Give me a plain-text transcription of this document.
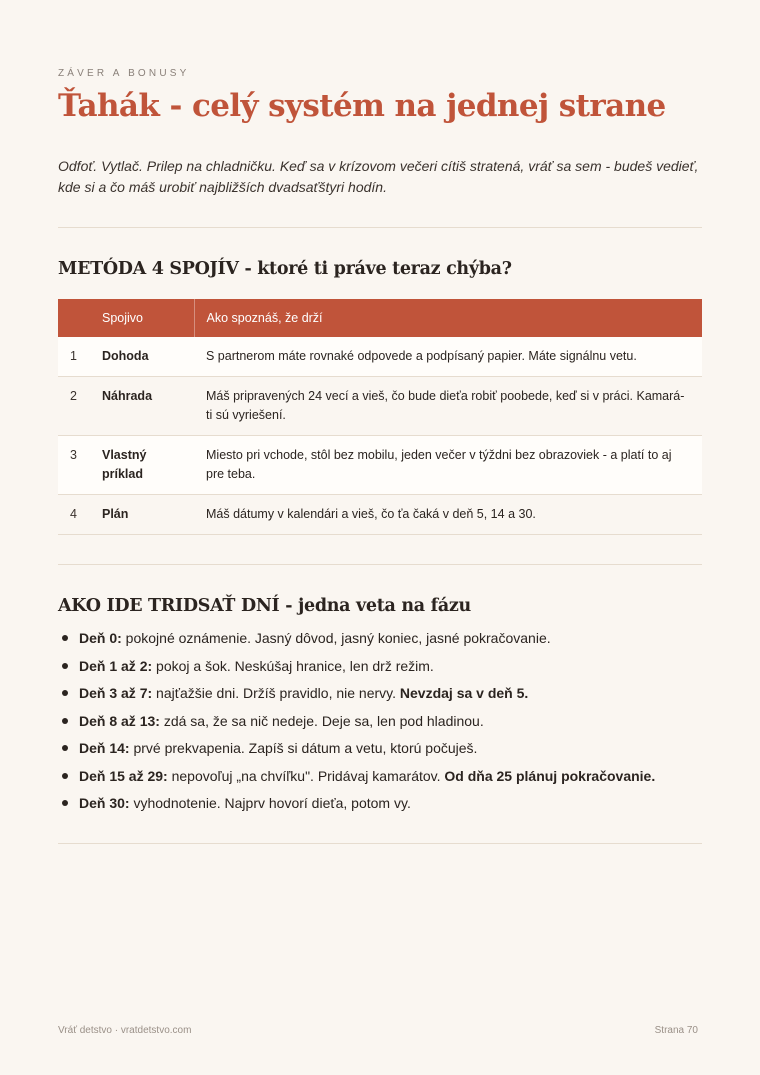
ZÁVER A BONUSY
Ťahák - celý systém na jednej strane

Odfoť. Vytlač. Prilep na chladničku. Keď sa v krízovom večeri cítiš stratená, vráť sa sem - budeš vedieť, kde si a čo máš urobiť najbližších dvadsaťštyri hodín.

METÓDA 4 SPOJÍV - ktoré ti práve teraz chýba?
	Spojivo	Ako spoznáš, že drží
1	Dohoda	S partnerom máte rovnaké odpovede a podpísaný papier. Máte signálnu vetu.
2	Náhrada	Máš pripravených 24 vecí a vieš, čo bude dieťa robiť poobede, keď si v práci. Kamará-ti sú vyriešení.
3	Vlastný príklad	Miesto pri vchode, stôl bez mobilu, jeden večer v týždni bez obrazoviek - a platí to aj pre teba.
4	Plán	Máš dátumy v kalendári a vieš, čo ťa čaká v deň 5, 14 a 30.
AKO IDE TRIDSAŤ DNÍ - jedna veta na fázu
Deň 0: pokojné oznámenie. Jasný dôvod, jasný koniec, jasné pokračovanie.
Deň 1 až 2: pokoj a šok. Neskúšaj hranice, len drž režim.
Deň 3 až 7: najťažšie dni. Držíš pravidlo, nie nervy. Nevzdaj sa v deň 5.
Deň 8 až 13: zdá sa, že sa nič nedeje. Deje sa, len pod hladinou.
Deň 14: prvé prekvapenia. Zapíš si dátum a vetu, ktorú počuješ.
Deň 15 až 29: nepovoľuj „na chvíľku". Pridávaj kamarátov. Od dňa 25 plánuj pokračovanie.
Deň 30: vyhodnotenie. Najprv hovorí dieťa, potom vy.
Vráť detstvo · vratdetstvo.com	Strana 70
